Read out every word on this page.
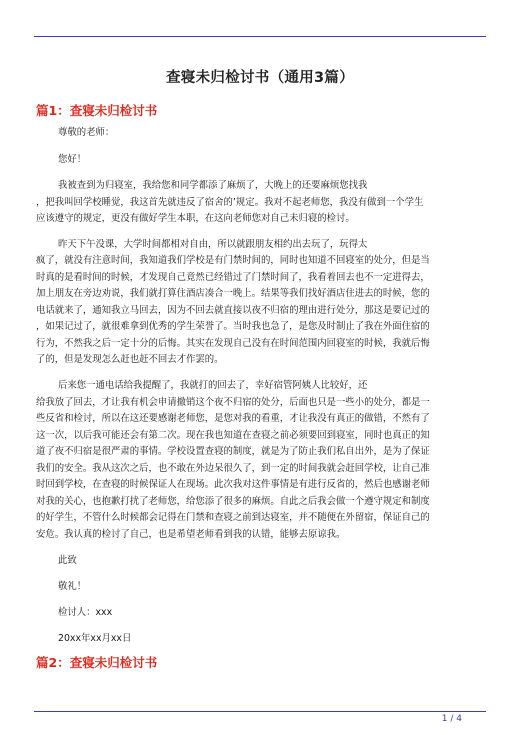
查寝未归检讨书（通用3篇）
篇1：查寝未归检讨书
尊敬的老师：
您好！
我被查到为归寝室，我给您和同学都添了麻烦了，大晚上的还要麻烦您找我
，把我叫回学校睡觉，我这首先就违反了宿舍的’规定。我对不起老师您，我没有做到一个学生
应该遵守的规定，更没有做好学生本职，在这向老师您对自己未归寝的检讨。
昨天下午没课，大学时间都相对自由，所以就跟朋友相约出去玩了，玩得太
疯了，就没有注意时间，我知道我们学校是有门禁时间的，同时也知道不回寝室的处分，但是当
时真的是看时间的时候，才发现自己竟然已经错过了门禁时间了，我看着回去也不一定进得去，
加上朋友在旁边劝说，我们就打算住酒店凑合一晚上。结果等我们找好酒店住进去的时候，您的
电话就来了，通知我立马回去，因为不回去就直接以夜不归宿的理由进行处分，那这是要记过的
，如果记过了，就很难拿到优秀的学生荣誉了。当时我也急了，是您及时制止了我在外面住宿的
行为，不然我之后一定十分的后悔。其实在发现自己没有在时间范围内回寝室的时候，我就后悔
了的，但是发现怎么赶也赶不回去才作罢的。
后来您一通电话给我提醒了，我就打的回去了，幸好宿管阿姨人比较好，还
给我放了回去，才让我有机会申请撤销这个夜不归宿的处分，后面也只是一些小的处分，都是一
些反省和检讨，所以在这还要感谢老师您，是您对我的看重，才让我没有真正的做错，不然有了
这一次，以后我可能还会有第二次。现在我也知道在查寝之前必须要回到寝室，同时也真正的知
道了夜不归宿是很严肃的事情。学校设置查寝的制度，就是为了防止我们私自出外，是为了保证
我们的安全。我从这次之后，也不敢在外边呆很久了，到一定的时间我就会赶回学校，让自己准
时回到学校，在查寝的时候保证人在现场。此次我对这件事情是有进行反省的，然后也感谢老师
对我的关心，也抱歉打扰了老师您，给您添了很多的麻烦。自此之后我会做一个遵守规定和制度
的好学生，不管什么时候都会记得在门禁和查寝之前到达寝室，并不随便在外留宿，保证自己的
安危。我认真的检讨了自己，也是希望老师看到我的认错，能够去原谅我。
此致
敬礼！
检讨人：xxx
20xx年xx月xx日
篇2：查寝未归检讨书
1 / 4
